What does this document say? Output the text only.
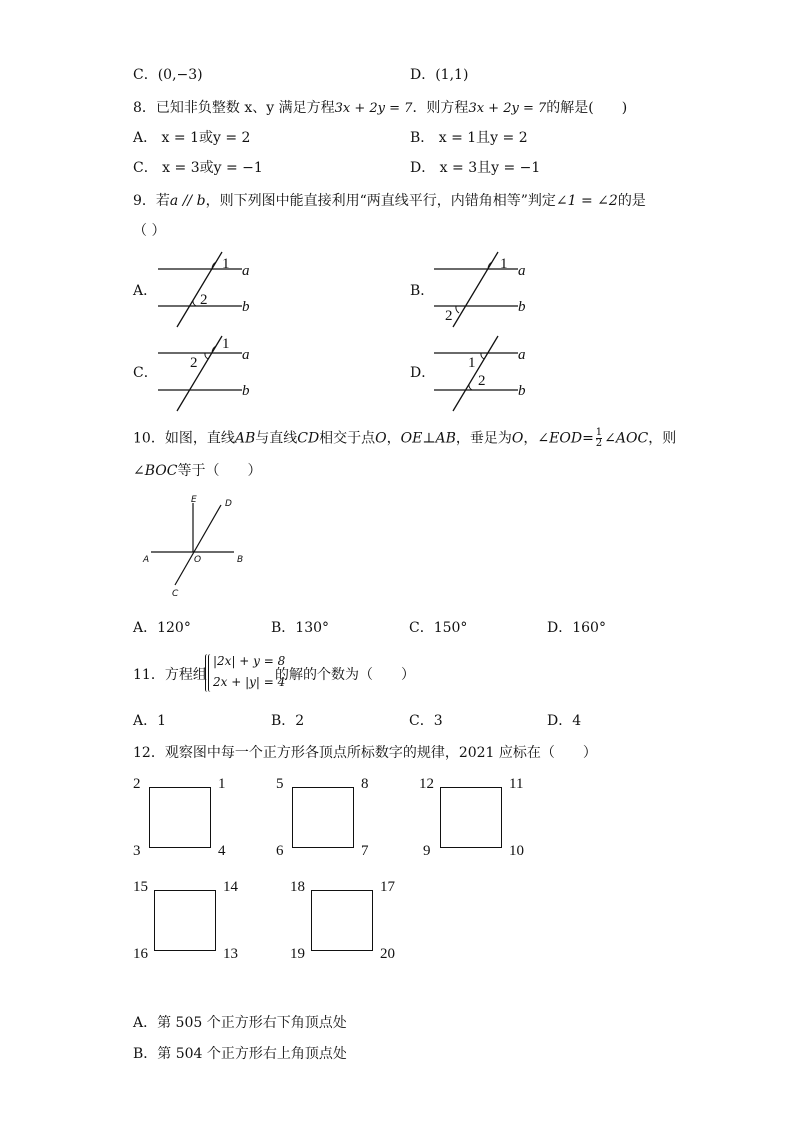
C．(0,−3)	D．(1,1)
8．已知非负整数 x、y 满足方程3x + 2y = 7．则方程3x + 2y = 7的解是(　　)
A． x = 1或y = 2	B． x = 1且y = 2
C． x = 3或y = −1	D． x = 3且y = −1
9．若a // b，则下列图中能直接利用“两直线平行，内错角相等”判定∠1 = ∠2的是
（ ）
A．	B．
C．	D．
1
2
a
b
1
2
a
b
1
2	a
b
1
2
a
b
10．如图，直线AB与直线CD相交于点O，OE⊥AB，垂足为O，∠EOD= $\frac{1}{2}$ ∠AOC，则
∠BOC等于（　　）
E	D
A	O	B
C
A．120°	B．130°	C．150°	D．160°
11．方程组
|2x| + y = 8
2x + |y| = 4
的解的个数为（　　）
A．1	B．2	C．3	D．4
12．观察图中每一个正方形各顶点所标数字的规律，2021 应标在（　　）
2	1
3	4
5	8
6	7
12	11
9	10
15	14
16	13
18	17
19	20
A．第 505 个正方形右下角顶点处
B．第 504 个正方形右上角顶点处
